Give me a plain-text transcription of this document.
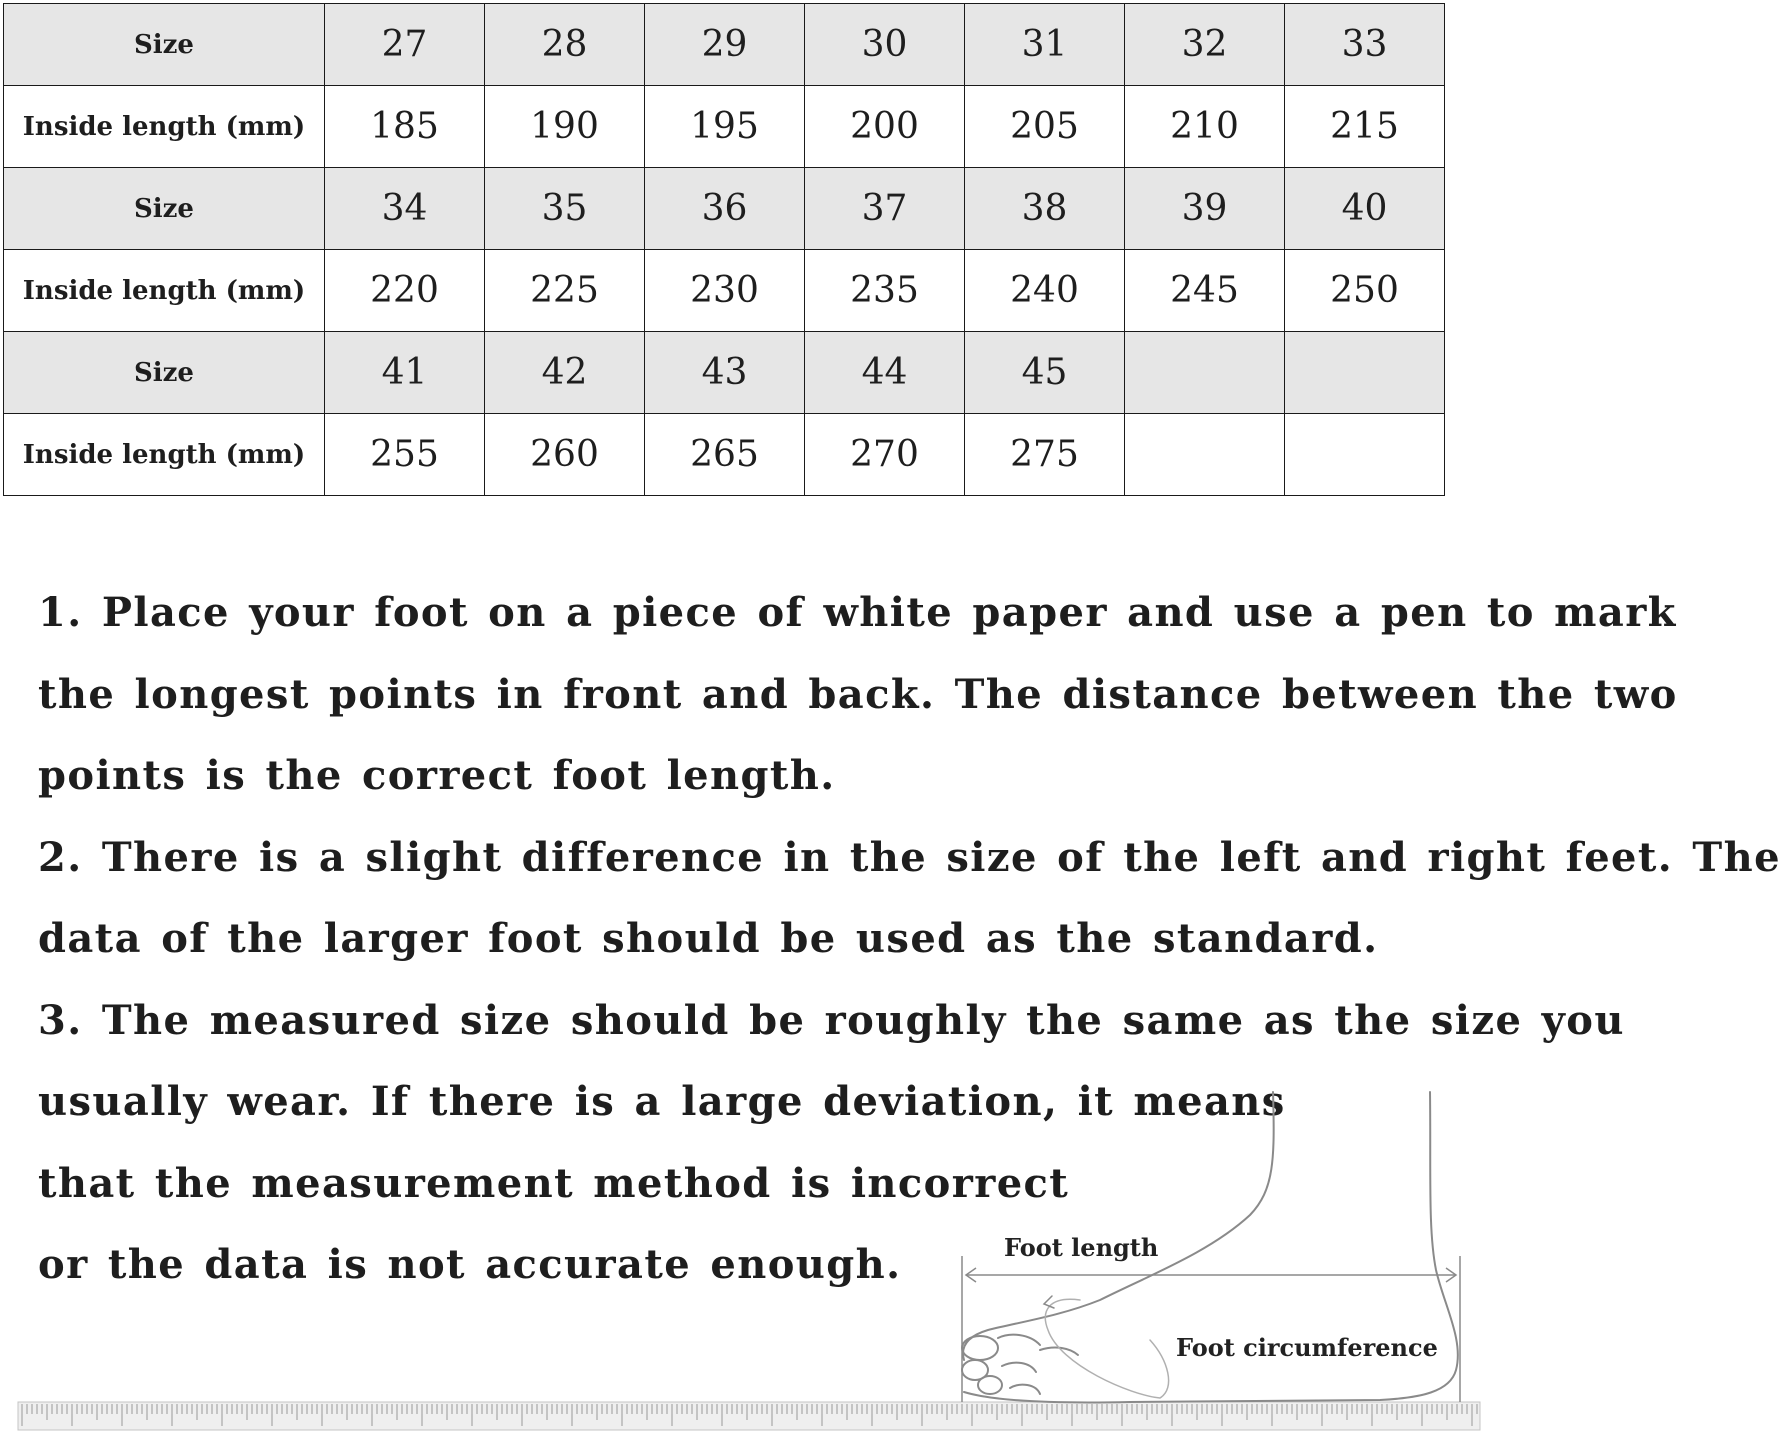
Size	27	28	29	30	31	32	33
Inside length (mm)	185	190	195	200	205	210	215
Size	34	35	36	37	38	39	40
Inside length (mm)	220	225	230	235	240	245	250
Size	41	42	43	44	45		
Inside length (mm)	255	260	265	270	275		
1. Place your foot on a piece of white paper and use a pen to mark
the longest points in front and back. The distance between the two
points is the correct foot length.
2. There is a slight difference in the size of the left and right feet. The
data of the larger foot should be used as the standard.
3. The measured size should be roughly the same as the size you
usually wear. If there is a large deviation, it means
that the measurement method is incorrect
or the data is not accurate enough.	Foot length
Foot circumference
